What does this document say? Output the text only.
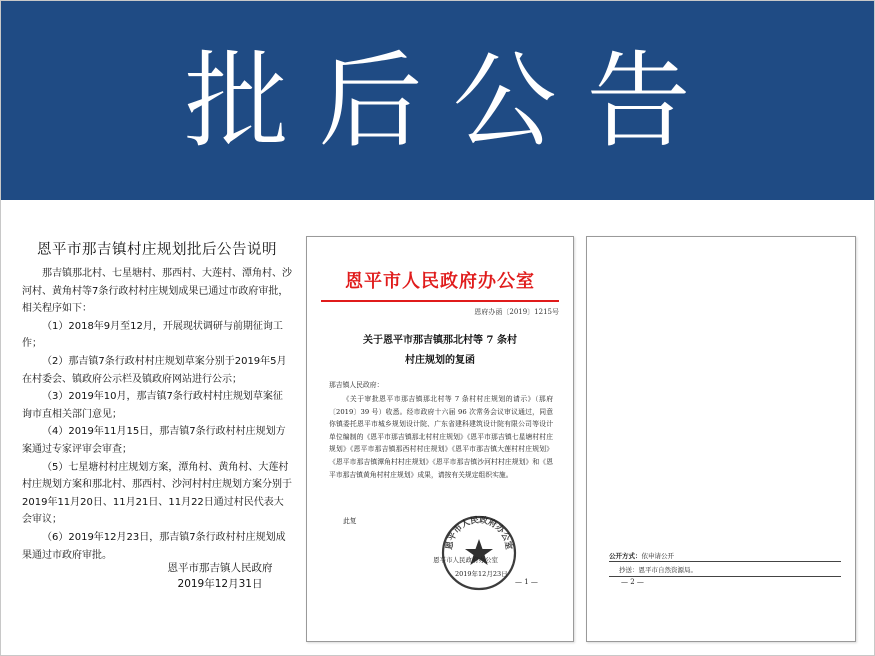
批后公告
恩平市那吉镇村庄规划批后公告说明

那吉镇那北村、七星塘村、那西村、大莲村、潭角村、沙河村、黄角村等7条行政村村庄规划成果已通过市政府审批，相关程序如下：

（1）2018年9月至12月，开展现状调研与前期征询工作；

（2）那吉镇7条行政村村庄规划草案分别于2019年5月在村委会、镇政府公示栏及镇政府网站进行公示；

（3）2019年10月，那吉镇7条行政村村庄规划草案征询市直相关部门意见；

（4）2019年11月15日，那吉镇7条行政村村庄规划方案通过专家评审会审查；

（5）七星塘村村庄规划方案，潭角村、黄角村、大莲村村庄规划方案和那北村、那西村、沙河村村庄规划方案分别于2019年11月20日、11月21日、11月22日通过村民代表大会审议；

（6）2019年12月23日，那吉镇7条行政村村庄规划成果通过市政府审批。

恩平市那吉镇人民政府
2019年12月31日
恩平市人民政府办公室
恩府办函〔2019〕1215号
关于恩平市那吉镇那北村等 7 条村
村庄规划的复函
那吉镇人民政府：

《关于审批恩平市那吉镇那北村等 7 条村村庄规划的请示》（那府〔2019〕39 号）收悉。经市政府十六届 96 次常务会议审议通过，同意你镇委托恩平市城乡规划设计院、广东省建科建筑设计院有限公司等设计单位编制的《恩平市那吉镇那北村村庄规划》《恩平市那吉镇七星塘村村庄规划》《恩平市那吉镇那西村村庄规划》《恩平市那吉镇大莲村村庄规划》《恩平市那吉镇潭角村村庄规划》《恩平市那吉镇沙河村村庄规划》和《恩平市那吉镇黄角村村庄规划》成果，请按有关规定组织实施。

此复
恩平市人民政府办公室
恩平市人民政府办公室
2019年12月23日
— 1 —
公开方式：依申请公开
抄送：恩平市自然资源局。
— 2 —
